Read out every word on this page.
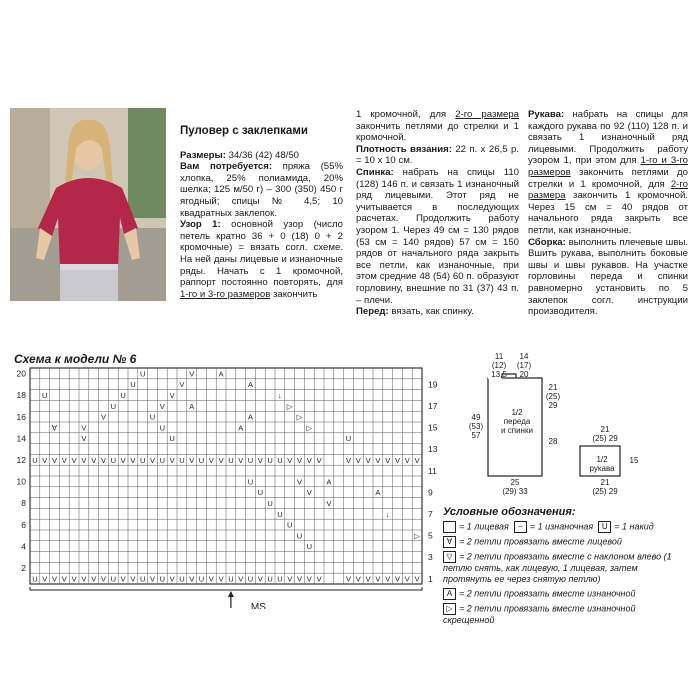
Пуловер с заклепками

Размеры: 34/36 (42) 48/50

Вам потребуется: пряжа (55% хлопка, 25% полиамида, 20% шелка; 125 м/50 г) – 300 (350) 450 г ягодный; спицы № 4,5; 10 квадратных заклепок.

Узор 1: основной узор (число петель кратно 36 + 0 (18) 0 + 2 кромочные) = вязать согл. схеме. На ней даны лицевые и изнаночные ряды. Начать с 1 кромочной, раппорт постоянно повторять, для 1-го и 3-го размеров закончить

1 кромочной, для 2-го размера закончить петлями до стрелки и 1 кромочной.

Плотность вязания: 22 п. х 26,5 р. = 10 х 10 см.

Спинка: набрать на спицы 110 (128) 146 п. и связать 1 изнаночный ряд лицевыми. Этот ряд не учитывается в последующих расчетах. Продолжить работу узором 1. Через 49 см = 130 рядов (53 см = 140 рядов) 57 см = 150 рядов от начального ряда закрыть все петли, как изнаночные, при этом средние 48 (54) 60 п. образуют горловину, внешние по 31 (37) 43 п. – плечи.

Перед: вязать, как спинку.

Рукава: набрать на спицы для каждого рукава по 92 (110) 128 п. и связать 1 изнаночный ряд лицевыми. Продолжить работу узором 1, при этом для 1-го и 3-го размеров закончить петлями до стрелки и 1 кромочной, для 2-го размера закончить 1 кромочной. Через 15 см = 40 рядов от начального ряда закрыть все петли, как изнаночные.

Сборка: выполнить плечевые швы. Вшить рукава, выполнить боковые швы и швы рукавов. На участке горловины переда и спинки равномерно установить по 5 заклепок согл. инструкции производителя.

Схема к модели № 6
U	V	A
U	V	A
U	U	V	↓
U	V	A	▷
V	U	A	▷
∀	V	U	A	▷
V	U	U
U V V V V V V V U V V U V U V U V U V V U V U V U U V V V V	V V V V V V V V
U	V	A
U	V	A
U	V
U	↓
U
U	▷
U
U V V V V V V V U V V U V U V U V U V V U V U V U U V V V V	V V V V V V V V
20
18
16
14
12
10
8
6
4
2
19
17
15
13
11
9
7
5
3
1
MS
11
(12)
13,5
14
(17)
20
49
(53)
57
21
(25)
29
28
1/2
переда
и спинки
25
(29) 33
21
(25) 29
15
1/2
рукава
21
(25) 29
Условные обозначения:
= 1 лицевая – = 1 изнаночная U = 1 накид
∀ = 2 петли провязать вместе лицевой
▽ = 2 петли провязать вместе с наклоном влево (1 петлю снять, как лицевую, 1 лицевая, затем протянуть ее через снятую петлю)
A = 2 петли провязать вместе изнаночной
▷ = 2 петли провязать вместе изнаночной скрещенной
